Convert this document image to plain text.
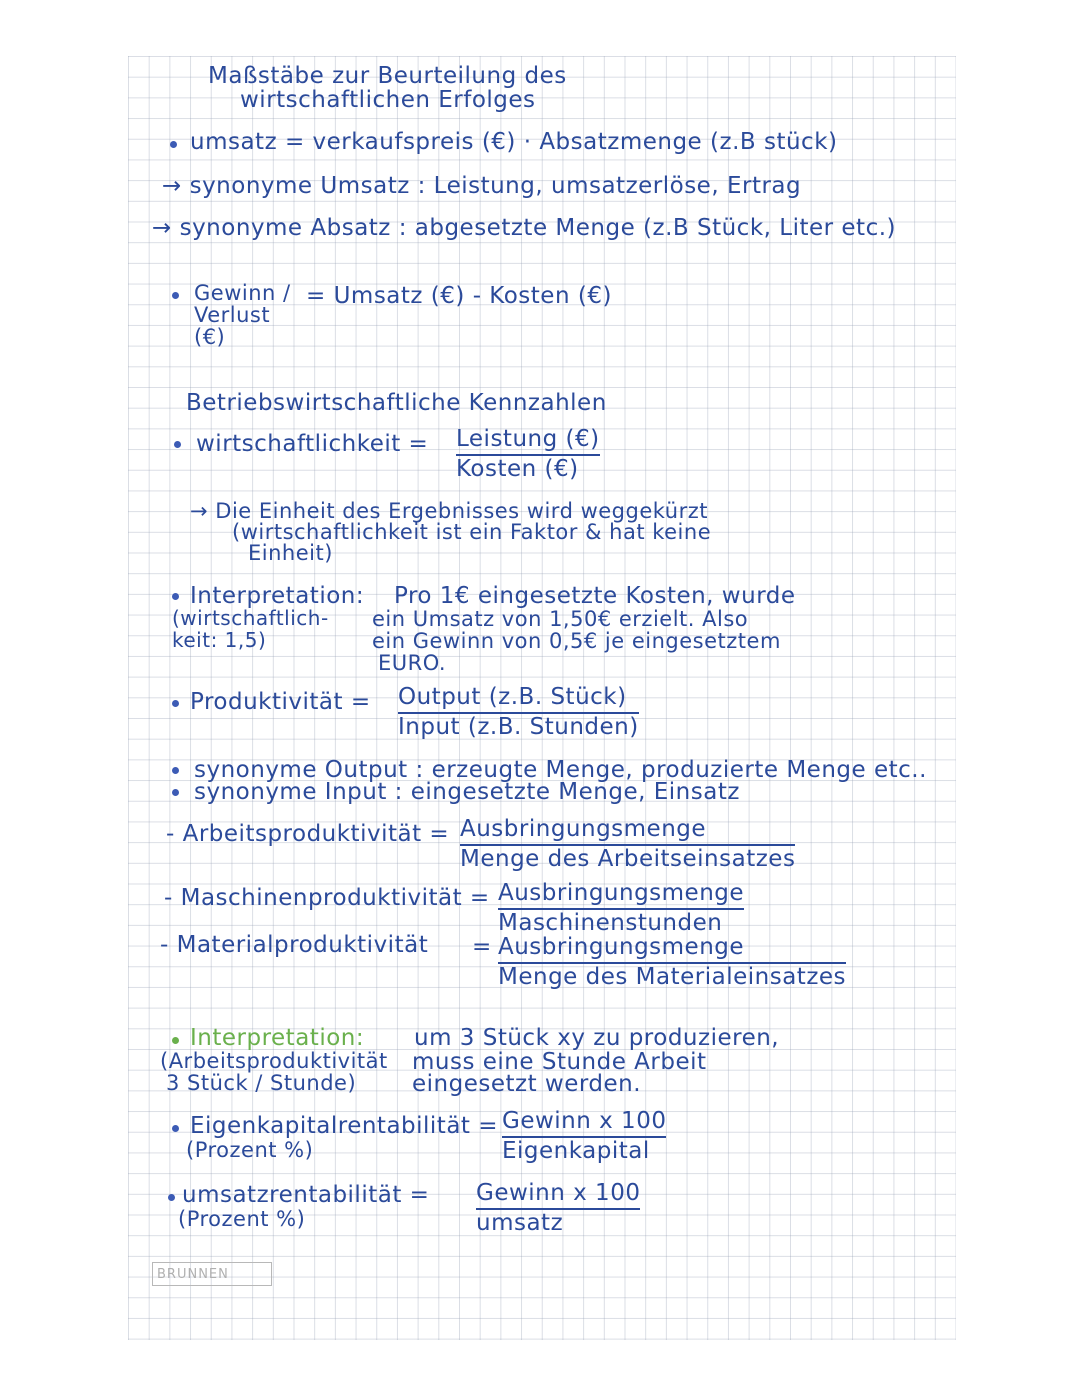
Maßstäbe zur Beurteilung des
wirtschaftlichen Erfolges
umsatz = verkaufspreis (€) · Absatzmenge (z.B stück)
→ synonyme Umsatz : Leistung, umsatzerlöse, Ertrag
→ synonyme Absatz : abgesetzte Menge (z.B Stück, Liter etc.)
Gewinn /
Verlust
(€)
= Umsatz (€) - Kosten (€)
Betriebswirtschaftliche Kennzahlen
wirtschaftlichkeit = Leistung (€)
Kosten (€)
→ Die Einheit des Ergebnisses wird weggekürzt
(wirtschaftlichkeit ist ein Faktor & hat keine
Einheit)
Interpretation:
(wirtschaftlich-
keit: 1,5)
Pro 1€ eingesetzte Kosten, wurde
ein Umsatz von 1,50€ erzielt. Also
ein Gewinn von 0,5€ je eingesetztem
EURO.
Produktivität = Output (z.B. Stück)
Input (z.B. Stunden)
synonyme Output : erzeugte Menge, produzierte Menge etc..
synonyme Input : eingesetzte Menge, Einsatz
- Arbeitsproduktivität = Ausbringungsmenge
Menge des Arbeitseinsatzes
- Maschinenproduktivität = Ausbringungsmenge
Maschinenstunden
- Materialproduktivität = Ausbringungsmenge
Menge des Materialeinsatzes
Interpretation:
(Arbeitsproduktivität
3 Stück / Stunde)
um 3 Stück xy zu produzieren,
muss eine Stunde Arbeit
eingesetzt werden.
Eigenkapitalrentabilität =
(Prozent %)
Gewinn x 100
Eigenkapital
umsatzrentabilität =
(Prozent %)
Gewinn x 100
umsatz
BRUNNEN
